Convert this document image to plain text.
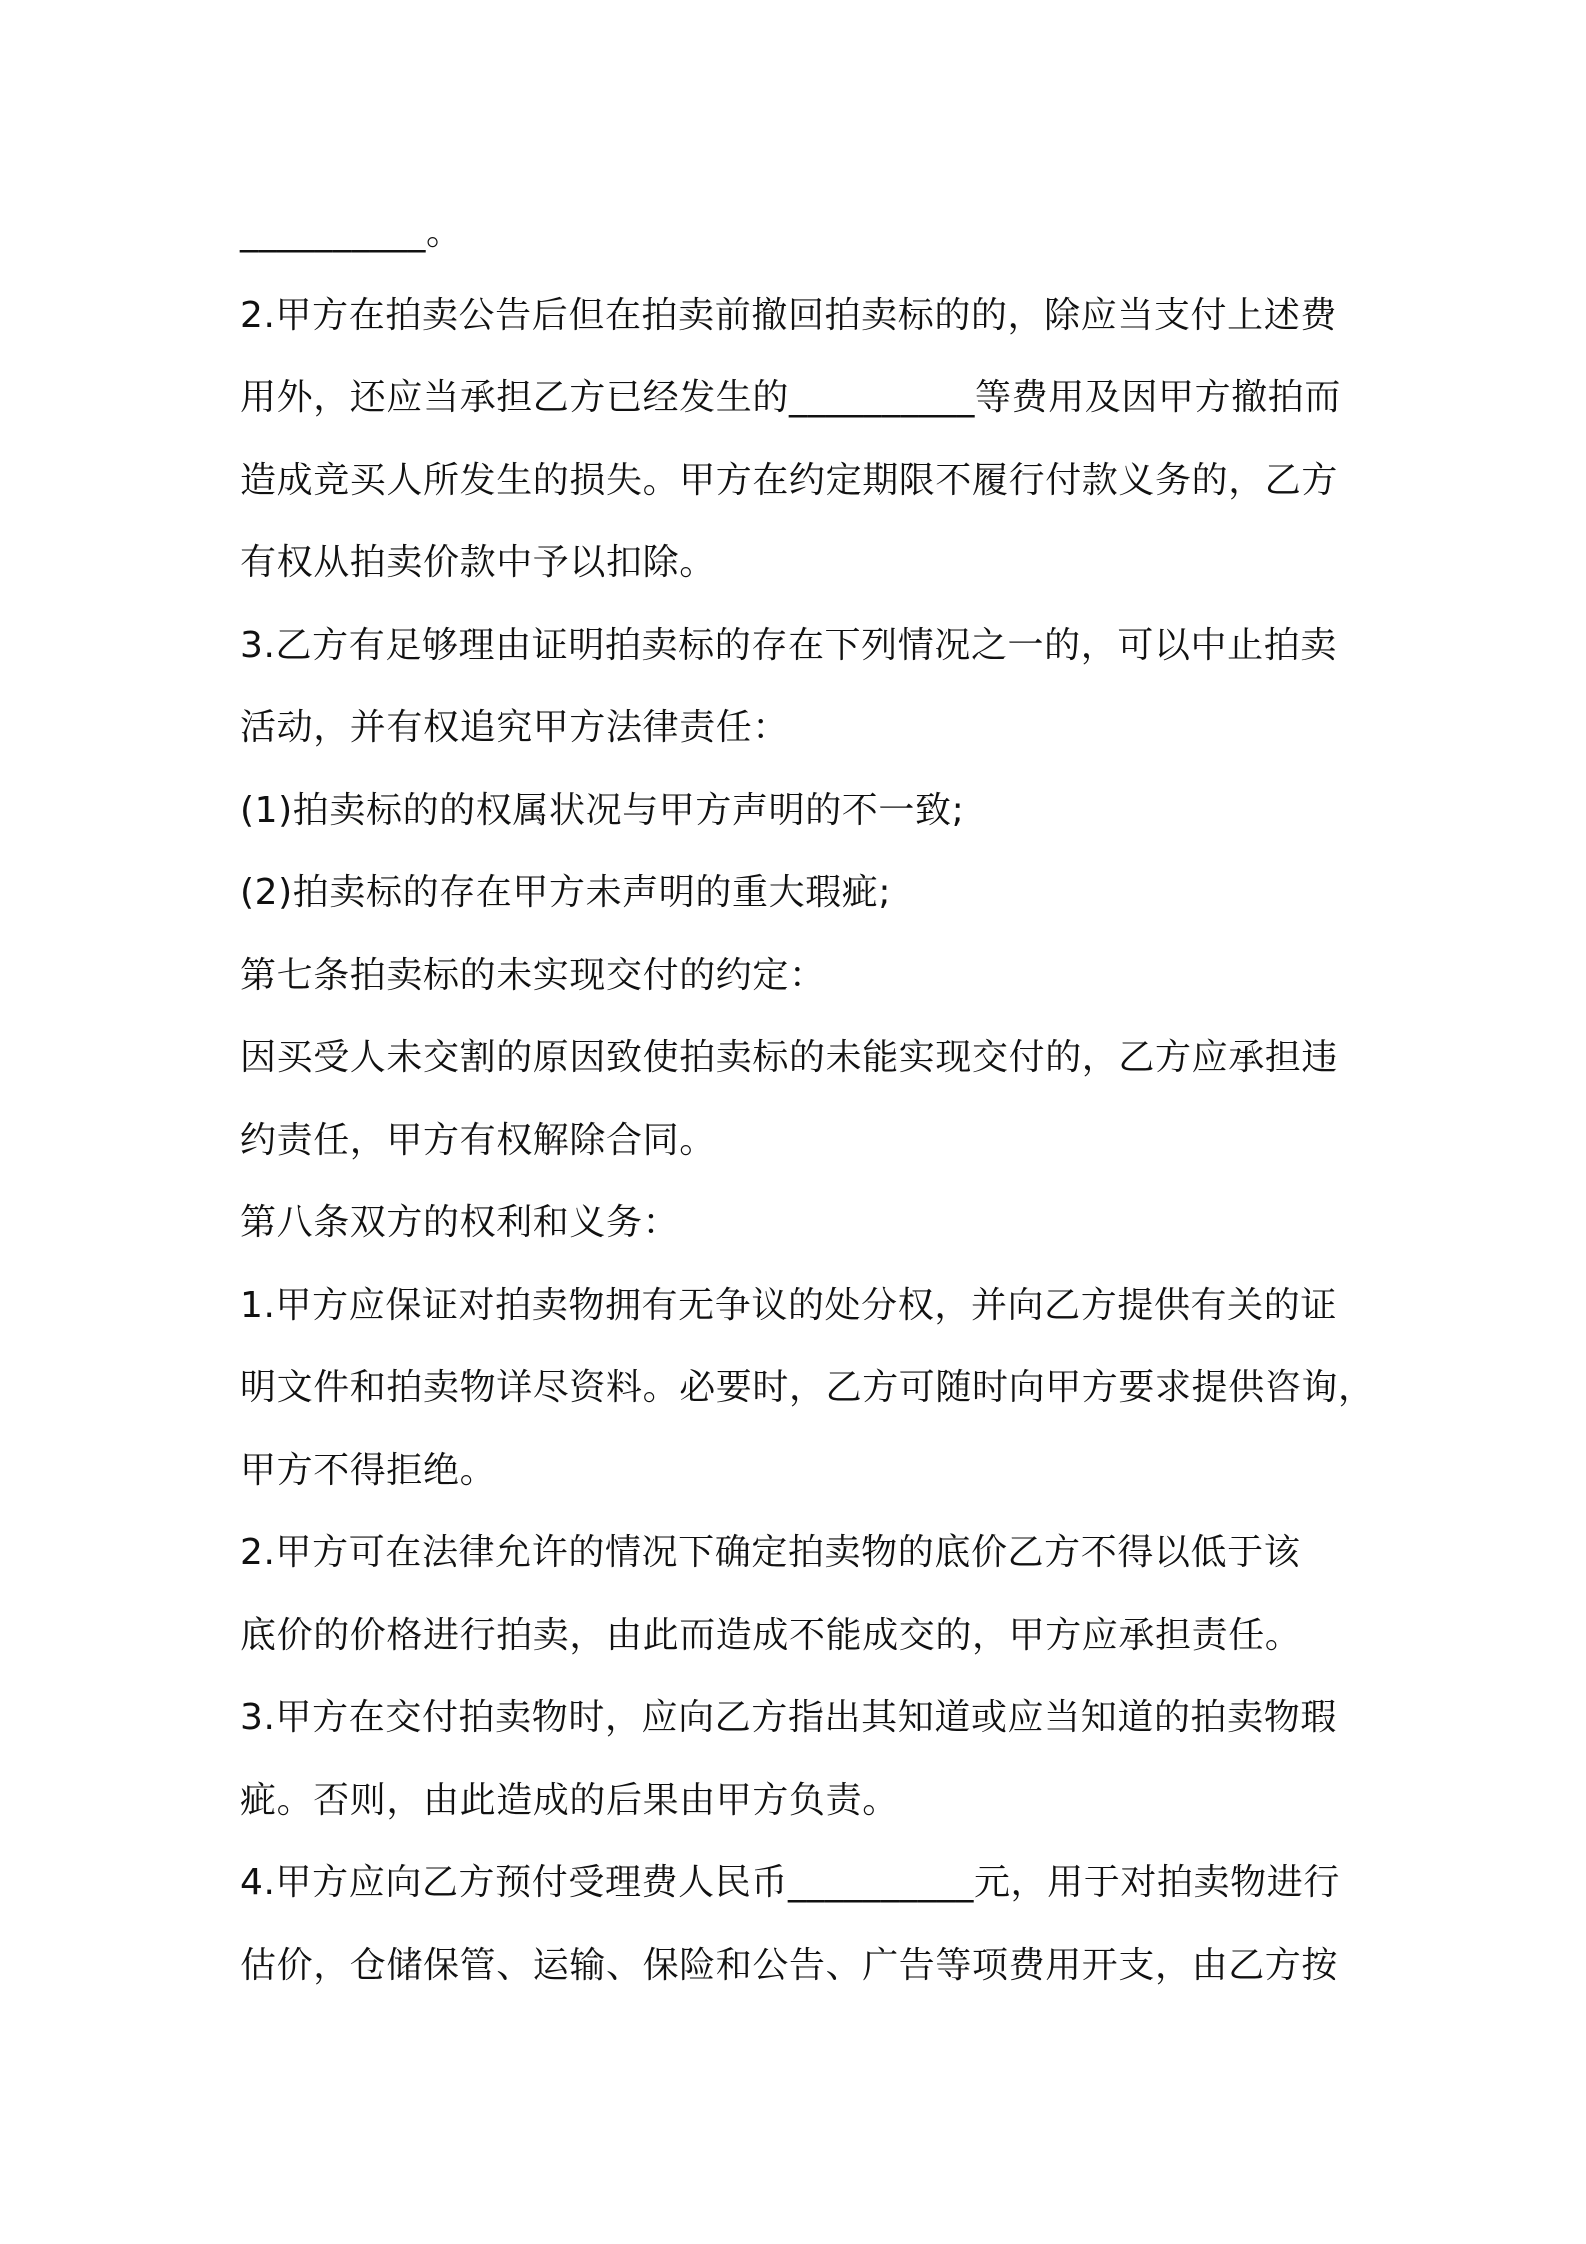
__________。
2.甲方在拍卖公告后但在拍卖前撤回拍卖标的的，除应当支付上述费
用外，还应当承担乙方已经发生的__________等费用及因甲方撤拍而
造成竞买人所发生的损失。甲方在约定期限不履行付款义务的，乙方
有权从拍卖价款中予以扣除。
3.乙方有足够理由证明拍卖标的存在下列情况之一的，可以中止拍卖
活动，并有权追究甲方法律责任：
(1)拍卖标的的权属状况与甲方声明的不一致;
(2)拍卖标的存在甲方未声明的重大瑕疵;
第七条拍卖标的未实现交付的约定：
因买受人未交割的原因致使拍卖标的未能实现交付的，乙方应承担违
约责任，甲方有权解除合同。
第八条双方的权利和义务：
1.甲方应保证对拍卖物拥有无争议的处分权，并向乙方提供有关的证
明文件和拍卖物详尽资料。必要时，乙方可随时向甲方要求提供咨询，
甲方不得拒绝。
2.甲方可在法律允许的情况下确定拍卖物的底价乙方不得以低于该
底价的价格进行拍卖，由此而造成不能成交的，甲方应承担责任。
3.甲方在交付拍卖物时，应向乙方指出其知道或应当知道的拍卖物瑕
疵。否则，由此造成的后果由甲方负责。
4.甲方应向乙方预付受理费人民币__________元，用于对拍卖物进行
估价，仓储保管、运输、保险和公告、广告等项费用开支，由乙方按
